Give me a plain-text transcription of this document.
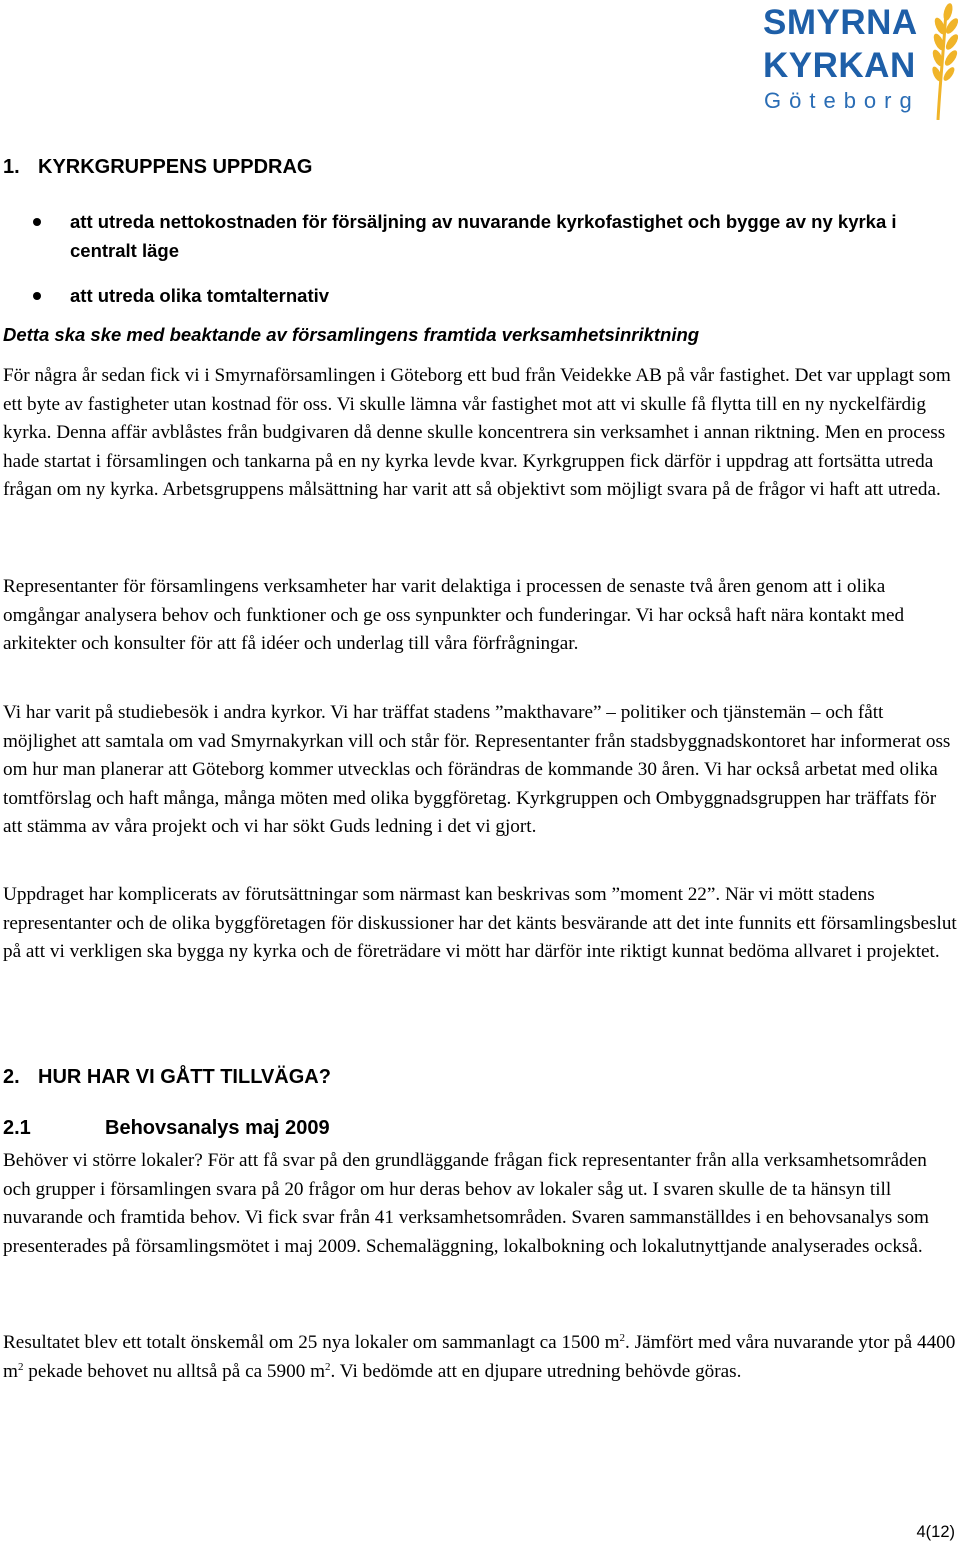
SMYRNA
KYRKAN
Göteborg
1. KYRKGRUPPENS UPPDRAG
att utreda nettokostnaden för försäljning av nuvarande kyrkofastighet och bygge av ny kyrka i centralt läge
att utreda olika tomtalternativ
Detta ska ske med beaktande av församlingens framtida verksamhetsinriktning

För några år sedan fick vi i Smyrnaförsamlingen i Göteborg ett bud från Veidekke AB på vår fastighet. Det var upplagt som ett byte av fastigheter utan kostnad för oss. Vi skulle lämna vår fastighet mot att vi skulle få flytta till en ny nyckelfärdig kyrka. Denna affär avblåstes från budgivaren då denne skulle koncentrera sin verksamhet i annan riktning. Men en process hade startat i församlingen och tankarna på en ny kyrka levde kvar. Kyrkgruppen fick därför i uppdrag att fortsätta utreda frågan om ny kyrka. Arbetsgruppens målsättning har varit att så objektivt som möjligt svara på de frågor vi haft att utreda.

Representanter för församlingens verksamheter har varit delaktiga i processen de senaste två åren genom att i olika omgångar analysera behov och funktioner och ge oss synpunkter och funderingar. Vi har också haft nära kontakt med arkitekter och konsulter för att få idéer och underlag till våra förfrågningar.

Vi har varit på studiebesök i andra kyrkor. Vi har träffat stadens ”makthavare” – politiker och tjänstemän – och fått möjlighet att samtala om vad Smyrnakyrkan vill och står för. Representanter från stadsbyggnadskontoret har informerat oss om hur man planerar att Göteborg kommer utvecklas och förändras de kommande 30 åren. Vi har också arbetat med olika tomtförslag och haft många, många möten med olika byggföretag. Kyrkgruppen och Ombyggnadsgruppen har träffats för att stämma av våra projekt och vi har sökt Guds ledning i det vi gjort.

Uppdraget har komplicerats av förutsättningar som närmast kan beskrivas som ”moment 22”. När vi mött stadens representanter och de olika byggföretagen för diskussioner har det känts besvärande att det inte funnits ett församlingsbeslut på att vi verkligen ska bygga ny kyrka och de företrädare vi mött har därför inte riktigt kunnat bedöma allvaret i projektet.

2. HUR HAR VI GÅTT TILLVÄGA?
2.1	Behovsanalys maj 2009

Behöver vi större lokaler? För att få svar på den grundläggande frågan fick representanter från alla verksamhetsområden och grupper i församlingen svara på 20 frågor om hur deras behov av lokaler såg ut. I svaren skulle de ta hänsyn till nuvarande och framtida behov. Vi fick svar från 41 verksamhetsområden. Svaren sammanställdes i en behovsanalys som presenterades på församlingsmötet i maj 2009. Schemaläggning, lokalbokning och lokalutnyttjande analyserades också.

Resultatet blev ett totalt önskemål om 25 nya lokaler om sammanlagt ca 1500 $m^2$. Jämfört med våra nuvarande ytor på 4400 $m^2$ pekade behovet nu alltså på ca 5900 $m^2$. Vi bedömde att en djupare utredning behövde göras.

4(12)
